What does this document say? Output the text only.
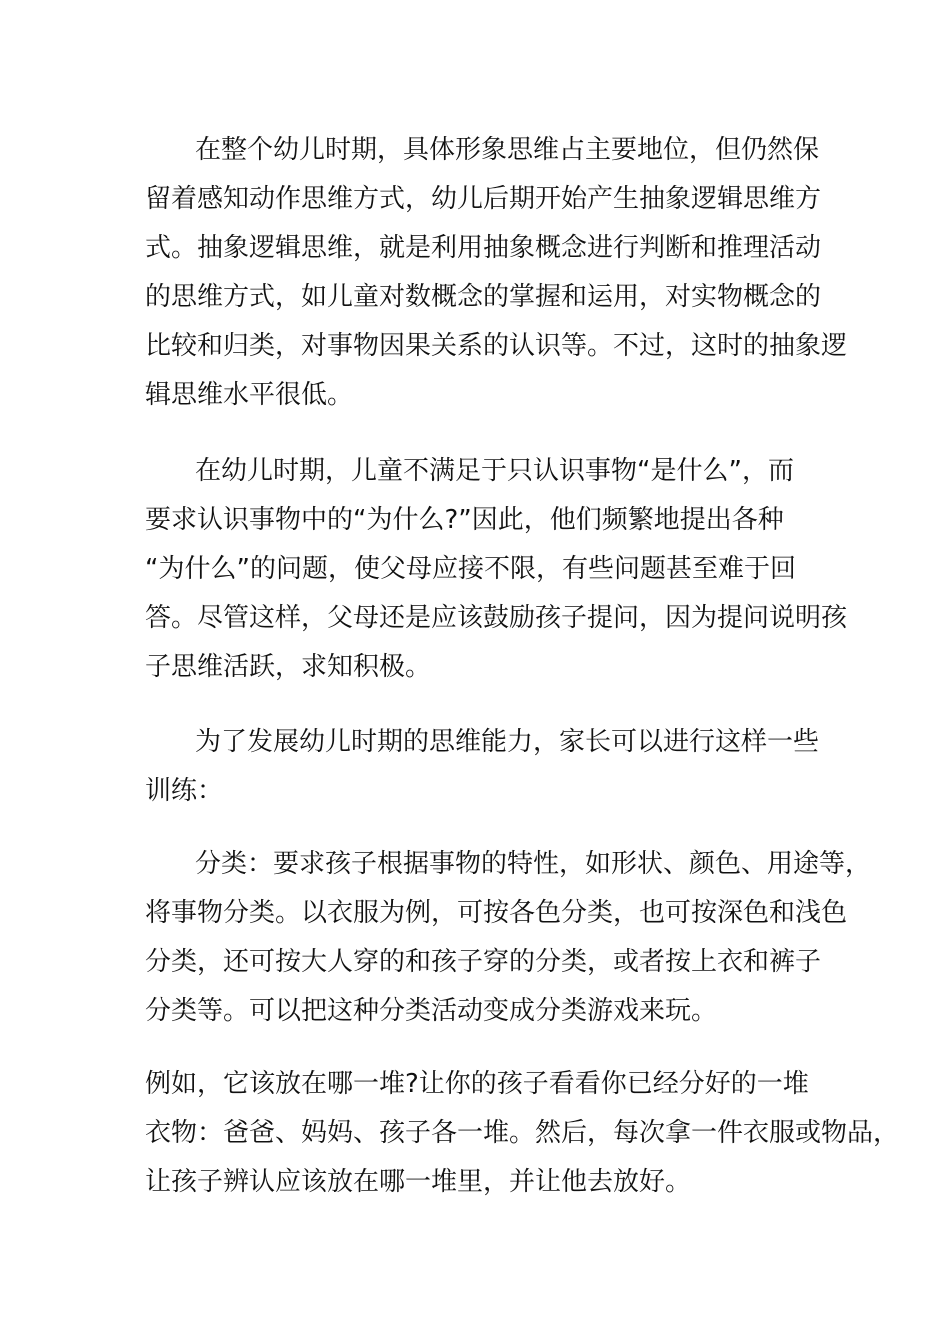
在整个幼儿时期，具体形象思维占主要地位，但仍然保
留着感知动作思维方式，幼儿后期开始产生抽象逻辑思维方
式。抽象逻辑思维，就是利用抽象概念进行判断和推理活动
的思维方式，如儿童对数概念的掌握和运用，对实物概念的
比较和归类，对事物因果关系的认识等。不过，这时的抽象逻
辑思维水平很低。
在幼儿时期，儿童不满足于只认识事物“是什么”，而
要求认识事物中的“为什么?”因此，他们频繁地提出各种
“为什么”的问题，使父母应接不限，有些问题甚至难于回
答。尽管这样，父母还是应该鼓励孩子提问，因为提问说明孩
子思维活跃，求知积极。
为了发展幼儿时期的思维能力，家长可以进行这样一些
训练：
分类：要求孩子根据事物的特性，如形状、颜色、用途等，
将事物分类。以衣服为例，可按各色分类，也可按深色和浅色
分类，还可按大人穿的和孩子穿的分类，或者按上衣和裤子
分类等。可以把这种分类活动变成分类游戏来玩。
例如，它该放在哪一堆?让你的孩子看看你已经分好的一堆
衣物：爸爸、妈妈、孩子各一堆。然后，每次拿一件衣服或物品，
让孩子辨认应该放在哪一堆里，并让他去放好。
